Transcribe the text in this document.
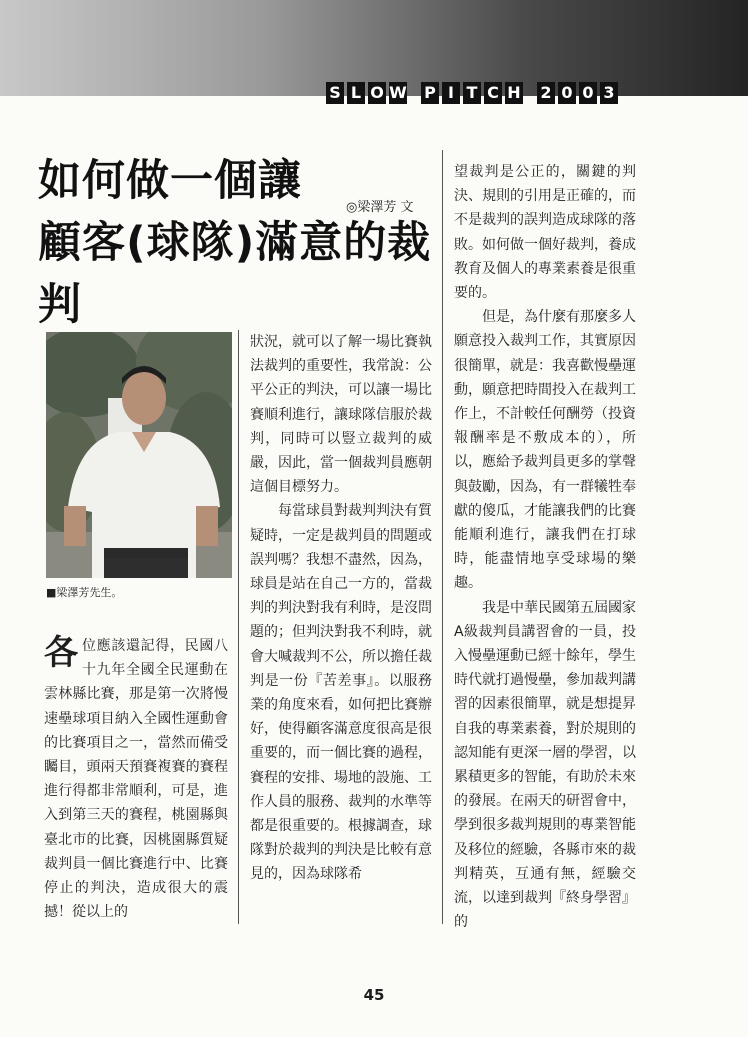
S L O W P I T C H 2 0 0 3
如何做一個讓
顧客(球隊)滿意的裁判
◎梁澤芳 文
■梁澤芳先生。

各位應該還記得，民國八十九年全國全民運動在雲林縣比賽，那是第一次將慢速壘球項目納入全國性運動會的比賽項目之一，當然而備受矚目，頭兩天預賽複賽的賽程進行得都非常順利，可是，進入到第三天的賽程，桃園縣與臺北市的比賽，因桃園縣質疑裁判員一個比賽進行中、比賽停止的判決，造成很大的震撼！從以上的

狀況，就可以了解一場比賽執法裁判的重要性，我常說：公平公正的判決，可以讓一場比賽順利進行，讓球隊信服於裁判，同時可以豎立裁判的威嚴，因此，當一個裁判員應朝這個目標努力。

每當球員對裁判判決有質疑時，一定是裁判員的問題或誤判嗎？我想不盡然，因為，球員是站在自己一方的，當裁判的判決對我有利時，是沒問題的；但判決對我不利時，就會大喊裁判不公，所以擔任裁判是一份『苦差事』。以服務業的角度來看，如何把比賽辦好，使得顧客滿意度很高是很重要的，而一個比賽的過程，賽程的安排、場地的設施、工作人員的服務、裁判的水準等都是很重要的。根據調查，球隊對於裁判的判決是比較有意見的，因為球隊希

望裁判是公正的，關鍵的判決、規則的引用是正確的，而不是裁判的誤判造成球隊的落敗。如何做一個好裁判，養成教育及個人的專業素養是很重要的。

但是，為什麼有那麼多人願意投入裁判工作，其實原因很簡單，就是：我喜歡慢壘運動，願意把時間投入在裁判工作上，不計較任何酬勞（投資報酬率是不敷成本的），所以，應給予裁判員更多的掌聲與鼓勵，因為，有一群犧牲奉獻的傻瓜，才能讓我們的比賽能順利進行，讓我們在打球時，能盡情地享受球場的樂趣。

我是中華民國第五屆國家A級裁判員講習會的一員，投入慢壘運動已經十餘年，學生時代就打過慢壘，參加裁判講習的因素很簡單，就是想提昇自我的專業素養，對於規則的認知能有更深一層的學習，以累積更多的智能，有助於未來的發展。在兩天的研習會中，學到很多裁判規則的專業智能及移位的經驗，各縣市來的裁判精英，互通有無，經驗交流，以達到裁判『終身學習』的

45
